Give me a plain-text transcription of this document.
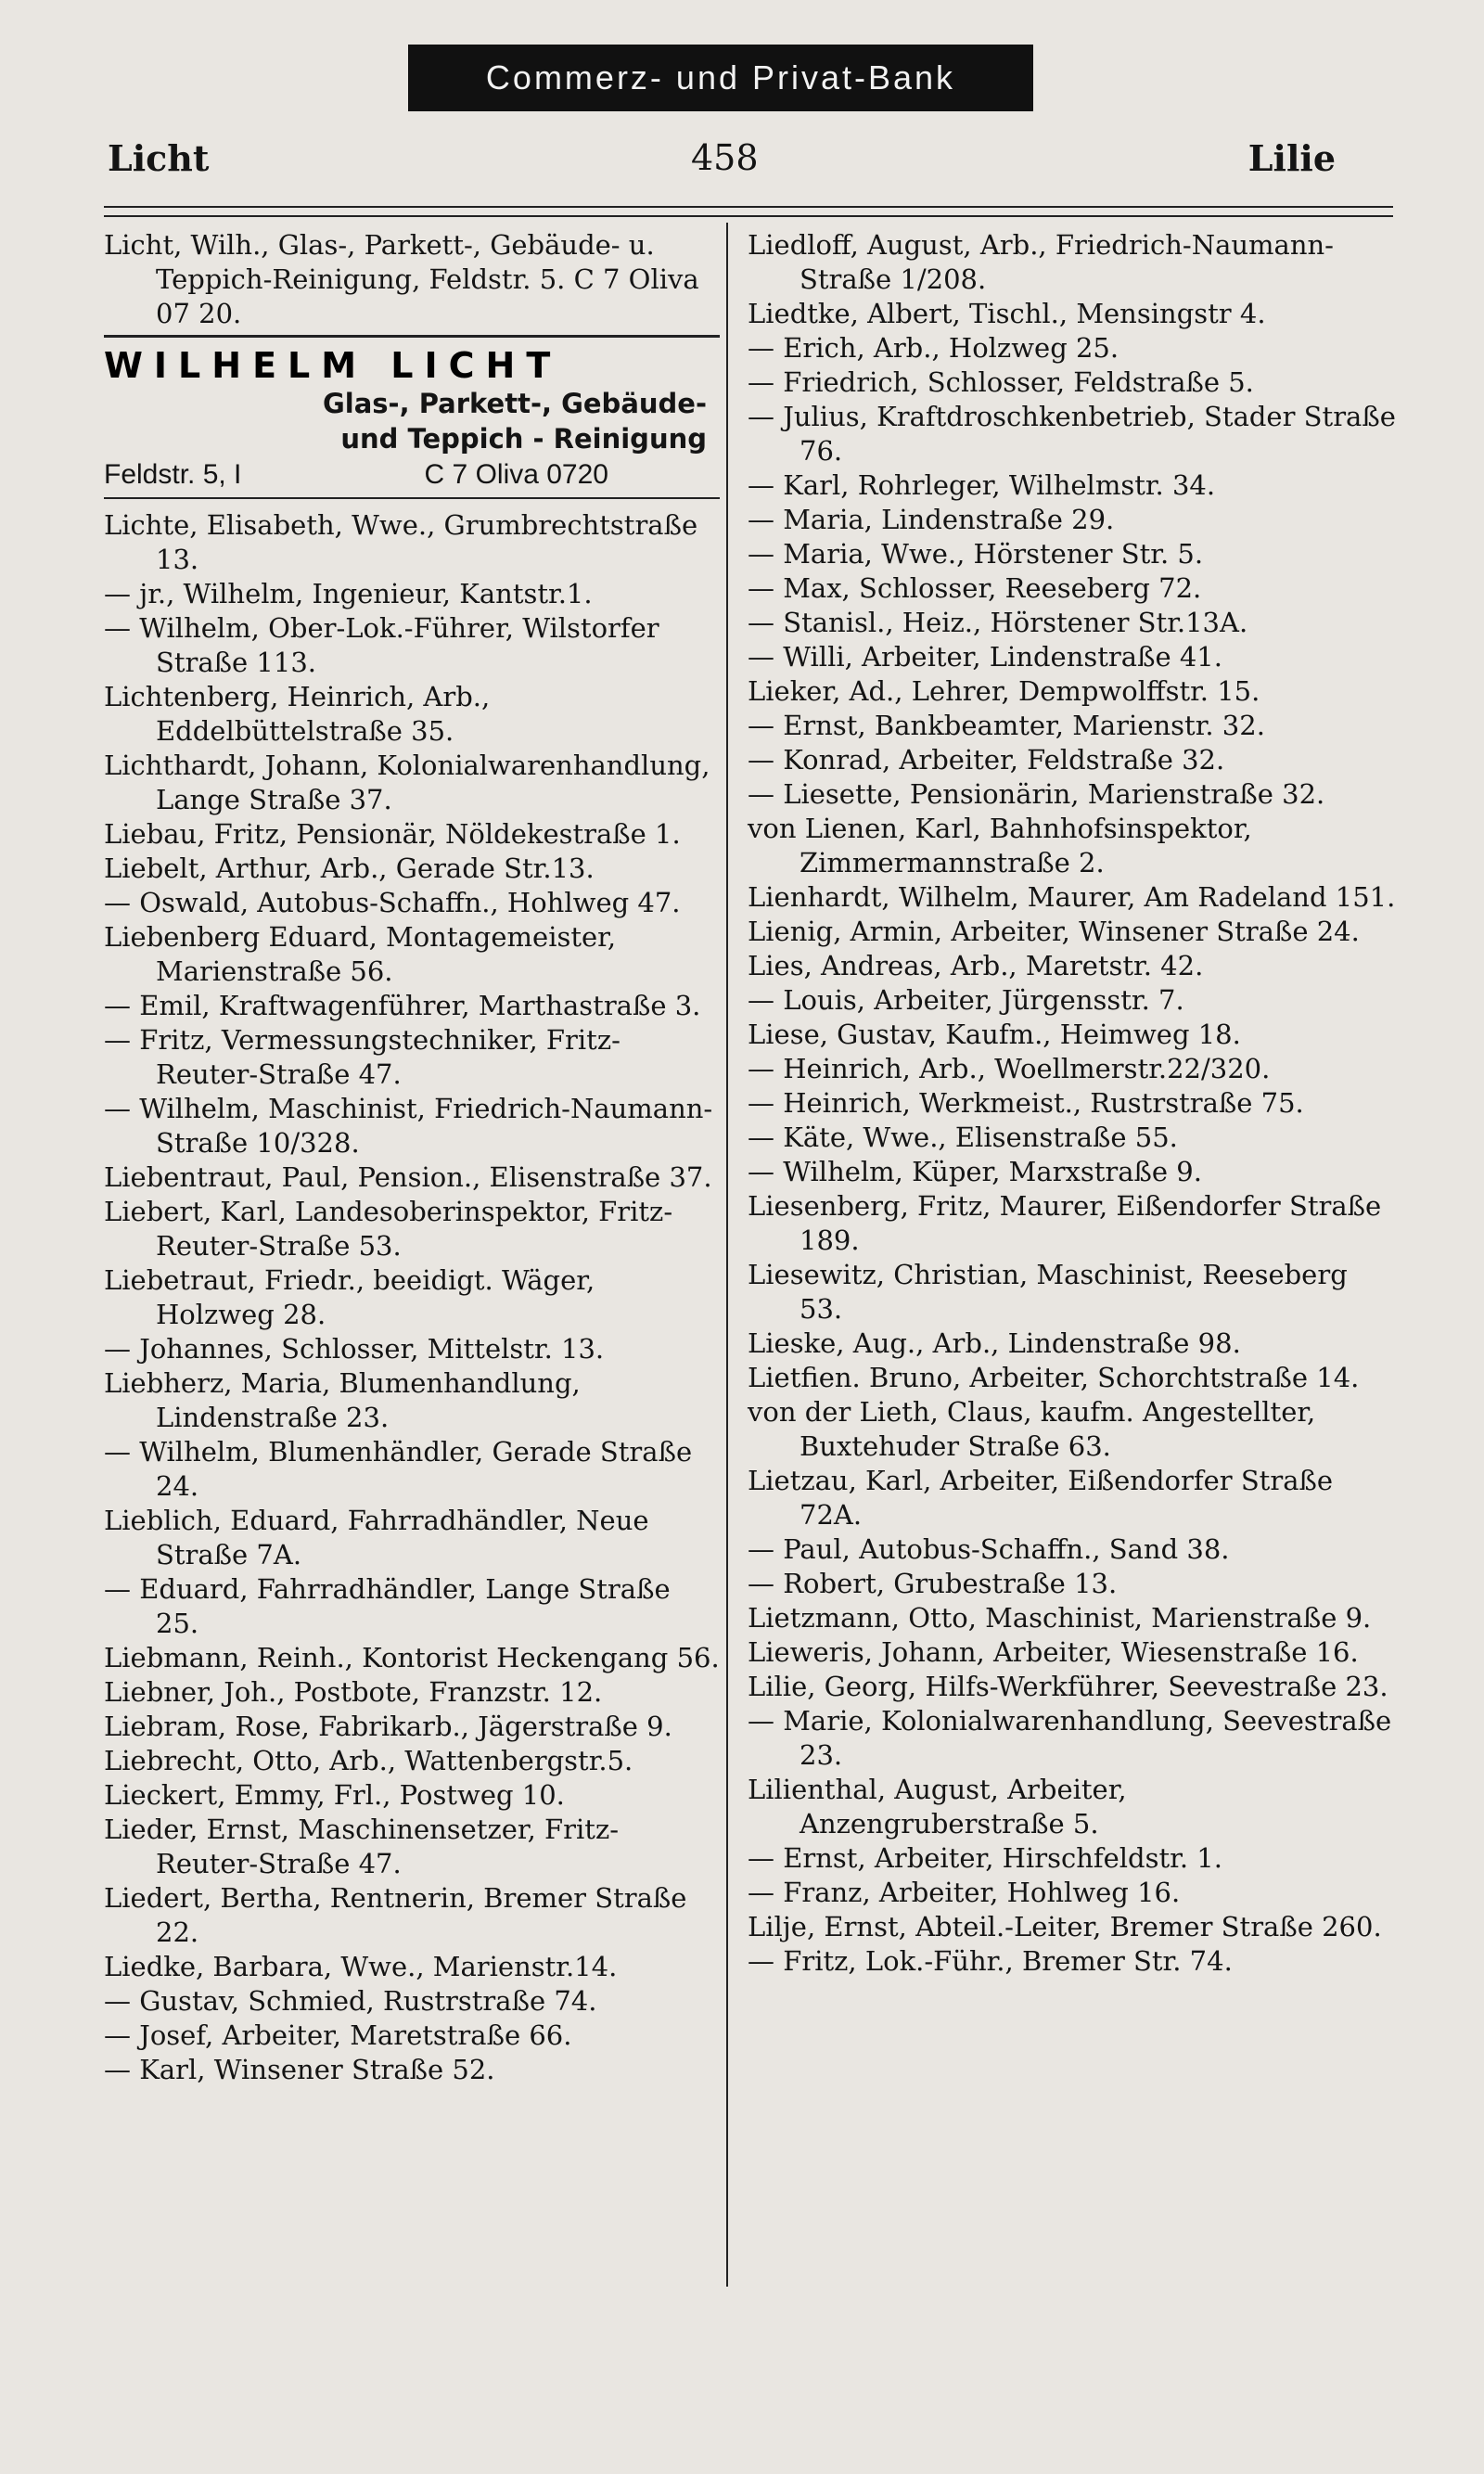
Commerz- und Privat-Bank
Licht	458	Lilie
Licht, Wilh., Glas-, Parkett-, Gebäude- u. Teppich-Reinigung, Feldstr. 5. C 7 Oliva 07 20.
WILHELM LICHT
Glas-, Parkett-, Gebäude-
und Teppich - Reinigung
Feldstr. 5, I	C 7 Oliva 0720
Lichte, Elisabeth, Wwe., Grumbrechtstraße 13.
— jr., Wilhelm, Ingenieur, Kantstr.1.
— Wilhelm, Ober-Lok.-Führer, Wilstorfer Straße 113.
Lichtenberg, Heinrich, Arb., Eddelbüttelstraße 35.
Lichthardt, Johann, Kolonialwarenhandlung, Lange Straße 37.
Liebau, Fritz, Pensionär, Nöldekestraße 1.
Liebelt, Arthur, Arb., Gerade Str.13.
— Oswald, Autobus-Schaffn., Hohlweg 47.
Liebenberg Eduard, Montagemeister, Marienstraße 56.
— Emil, Kraftwagenführer, Marthastraße 3.
— Fritz, Vermessungstechniker, Fritz-Reuter-Straße 47.
— Wilhelm, Maschinist, Friedrich-Naumann-Straße 10/328.
Liebentraut, Paul, Pension., Elisenstraße 37.
Liebert, Karl, Landesoberinspektor, Fritz-Reuter-Straße 53.
Liebetraut, Friedr., beeidigt. Wäger, Holzweg 28.
— Johannes, Schlosser, Mittelstr. 13.
Liebherz, Maria, Blumenhandlung, Lindenstraße 23.
— Wilhelm, Blumenhändler, Gerade Straße 24.
Lieblich, Eduard, Fahrradhändler, Neue Straße 7A.
— Eduard, Fahrradhändler, Lange Straße 25.
Liebmann, Reinh., Kontorist Heckengang 56.
Liebner, Joh., Postbote, Franzstr. 12.
Liebram, Rose, Fabrikarb., Jägerstraße 9.
Liebrecht, Otto, Arb., Wattenbergstr.5.
Lieckert, Emmy, Frl., Postweg 10.
Lieder, Ernst, Maschinensetzer, Fritz-Reuter-Straße 47.
Liedert, Bertha, Rentnerin, Bremer Straße 22.
Liedke, Barbara, Wwe., Marienstr.14.
— Gustav, Schmied, Rustrstraße 74.
— Josef, Arbeiter, Maretstraße 66.
— Karl, Winsener Straße 52.
Liedloff, August, Arb., Friedrich-Naumann-Straße 1/208.
Liedtke, Albert, Tischl., Mensingstr 4.
— Erich, Arb., Holzweg 25.
— Friedrich, Schlosser, Feldstraße 5.
— Julius, Kraftdroschkenbetrieb, Stader Straße 76.
— Karl, Rohrleger, Wilhelmstr. 34.
— Maria, Lindenstraße 29.
— Maria, Wwe., Hörstener Str. 5.
— Max, Schlosser, Reeseberg 72.
— Stanisl., Heiz., Hörstener Str.13A.
— Willi, Arbeiter, Lindenstraße 41.
Lieker, Ad., Lehrer, Dempwolffstr. 15.
— Ernst, Bankbeamter, Marienstr. 32.
— Konrad, Arbeiter, Feldstraße 32.
— Liesette, Pensionärin, Marienstraße 32.
von Lienen, Karl, Bahnhofsinspektor, Zimmermannstraße 2.
Lienhardt, Wilhelm, Maurer, Am Radeland 151.
Lienig, Armin, Arbeiter, Winsener Straße 24.
Lies, Andreas, Arb., Maretstr. 42.
— Louis, Arbeiter, Jürgensstr. 7.
Liese, Gustav, Kaufm., Heimweg 18.
— Heinrich, Arb., Woellmerstr.22/320.
— Heinrich, Werkmeist., Rustrstraße 75.
— Käte, Wwe., Elisenstraße 55.
— Wilhelm, Küper, Marxstraße 9.
Liesenberg, Fritz, Maurer, Eißendorfer Straße 189.
Liesewitz, Christian, Maschinist, Reeseberg 53.
Lieske, Aug., Arb., Lindenstraße 98.
Lietfien. Bruno, Arbeiter, Schorchtstraße 14.
von der Lieth, Claus, kaufm. Angestellter, Buxtehuder Straße 63.
Lietzau, Karl, Arbeiter, Eißendorfer Straße 72A.
— Paul, Autobus-Schaffn., Sand 38.
— Robert, Grubestraße 13.
Lietzmann, Otto, Maschinist, Marienstraße 9.
Lieweris, Johann, Arbeiter, Wiesenstraße 16.
Lilie, Georg, Hilfs-Werkführer, Seevestraße 23.
— Marie, Kolonialwarenhandlung, Seevestraße 23.
Lilienthal, August, Arbeiter, Anzengruberstraße 5.
— Ernst, Arbeiter, Hirschfeldstr. 1.
— Franz, Arbeiter, Hohlweg 16.
Lilje, Ernst, Abteil.-Leiter, Bremer Straße 260.
— Fritz, Lok.-Führ., Bremer Str. 74.
